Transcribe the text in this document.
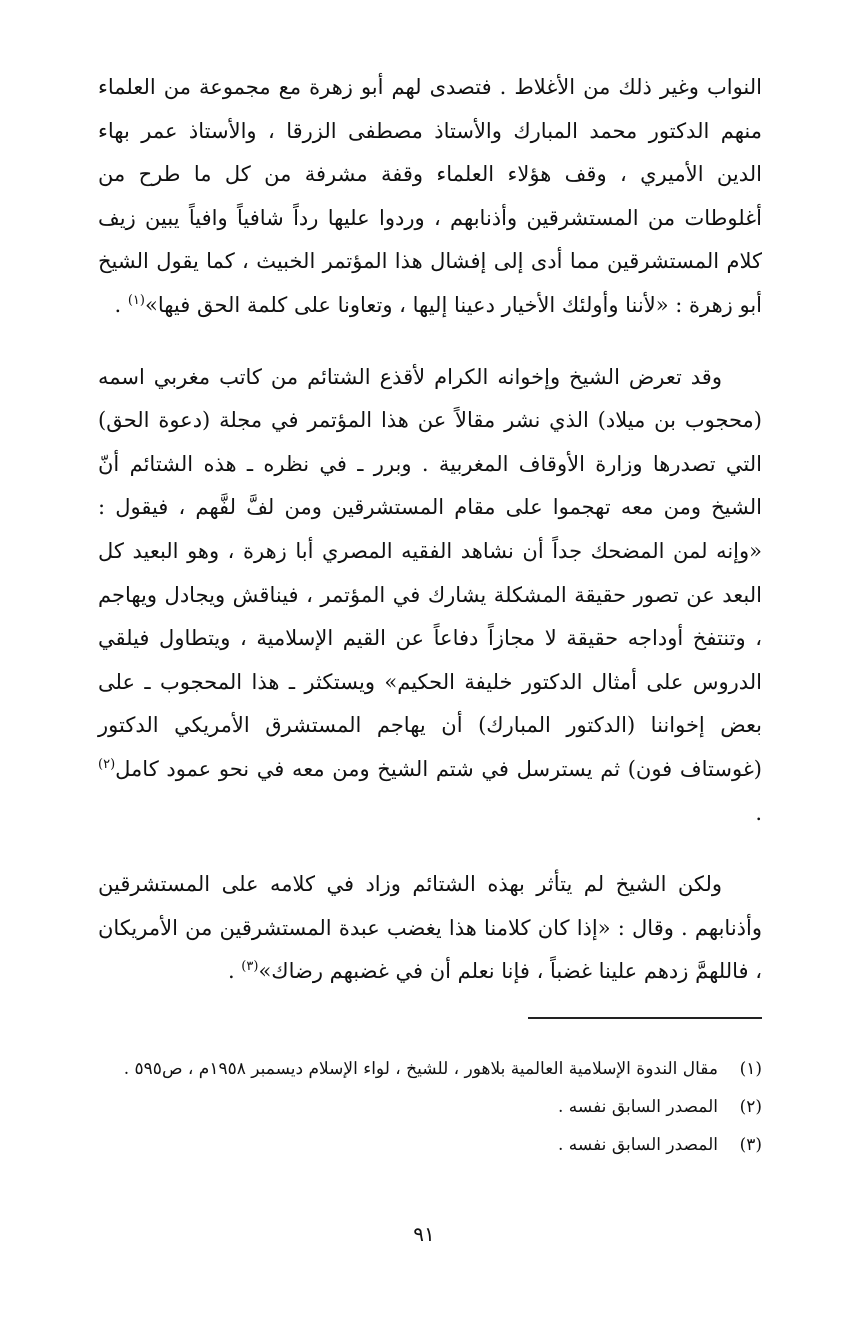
النواب وغير ذلك من الأغلاط . فتصدى لهم أبو زهرة مع مجموعة من العلماء منهم الدكتور محمد المبارك والأستاذ مصطفى الزرقا ، والأستاذ عمر بهاء الدين الأميري ، وقف هؤلاء العلماء وقفة مشرفة من كل ما طرح من أغلوطات من المستشرقين وأذنابهم ، وردوا عليها رداً شافياً وافياً يبين زيف كلام المستشرقين مما أدى إلى إفشال هذا المؤتمر الخبيث ، كما يقول الشيخ أبو زهرة : «لأننا وأولئك الأخيار دعينا إليها ، وتعاونا على كلمة الحق فيها»$^{(١)}$ .

وقد تعرض الشيخ وإخوانه الكرام لأقذع الشتائم من كاتب مغربي اسمه (محجوب بن ميلاد) الذي نشر مقالاً عن هذا المؤتمر في مجلة (دعوة الحق) التي تصدرها وزارة الأوقاف المغربية . وبرر ـ في نظره ـ هذه الشتائم أنّ الشيخ ومن معه تهجموا على مقام المستشرقين ومن لفَّ لفَّهم ، فيقول : «وإنه لمن المضحك جداً أن نشاهد الفقيه المصري أبا زهرة ، وهو البعيد كل البعد عن تصور حقيقة المشكلة يشارك في المؤتمر ، فيناقش ويجادل ويهاجم ، وتنتفخ أوداجه حقيقة لا مجازاً دفاعاً عن القيم الإسلامية ، ويتطاول فيلقي الدروس على أمثال الدكتور خليفة الحكيم» ويستكثر ـ هذا المحجوب ـ على بعض إخواننا (الدكتور المبارك) أن يهاجم المستشرق الأمريكي الدكتور (غوستاف فون) ثم يسترسل في شتم الشيخ ومن معه في نحو عمود كامل$^{(٢)}$ .

ولكن الشيخ لم يتأثر بهذه الشتائم وزاد في كلامه على المستشرقين وأذنابهم . وقال : «إذا كان كلامنا هذا يغضب عبدة المستشرقين من الأمريكان ، فاللهمَّ زدهم علينا غضباً ، فإنا نعلم أن في غضبهم رضاك»$^{(٣)}$ .

(١)
مقال الندوة الإسلامية العالمية بلاهور ، للشيخ ، لواء الإسلام ديسمبر ١٩٥٨م ، ص٥٩٥ .
(٢)
المصدر السابق نفسه .
(٣)
المصدر السابق نفسه .
٩١
